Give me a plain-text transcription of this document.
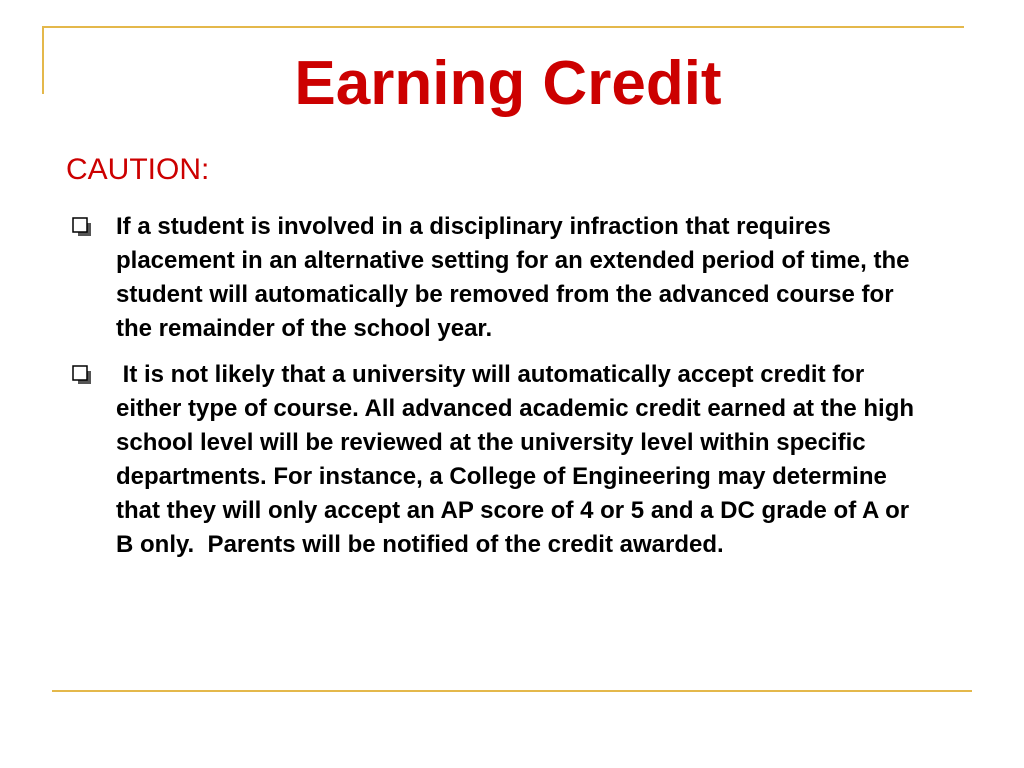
Earning Credit
CAUTION:
If a student is involved in a disciplinary infraction that requires placement in an alternative setting for an extended period of time, the student will automatically be removed from the advanced course for the remainder of the school year.
It is not likely that a university will automatically accept credit for either type of course. All advanced academic credit earned at the high school level will be reviewed at the university level within specific departments. For instance, a College of Engineering may determine that they will only accept an AP score of 4 or 5 and a DC grade of A or B only.  Parents will be notified of the credit awarded.
